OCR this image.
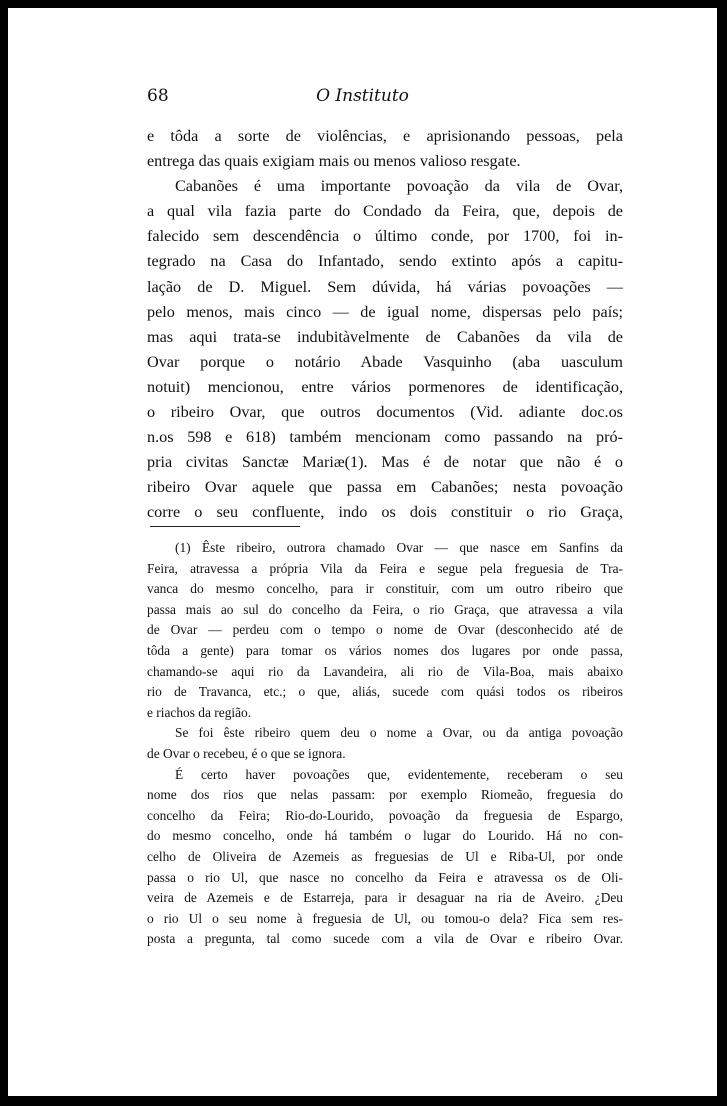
68	O Instituto
e tôda a sorte de violências, e aprisionando pessoas, pela
entrega das quais exigiam mais ou menos valioso resgate.
Cabanões é uma importante povoação da vila de Ovar,
a qual vila fazia parte do Condado da Feira, que, depois de
falecido sem descendência o último conde, por 1700, foi in-
tegrado na Casa do Infantado, sendo extinto após a capitu-
lação de D. Miguel. Sem dúvida, há várias povoações —
pelo menos, mais cinco — de igual nome, dispersas pelo país;
mas aqui trata-se indubitàvelmente de Cabanões da vila de
Ovar porque o notário Abade Vasquinho (aba uasculum
notuit) mencionou, entre vários pormenores de identificação,
o ribeiro Ovar, que outros documentos (Vid. adiante doc.os
n.os 598 e 618) também mencionam como passando na pró-
pria civitas Sanctæ Mariæ(1). Mas é de notar que não é o
ribeiro Ovar aquele que passa em Cabanões; nesta povoação
corre o seu confluente, indo os dois constituir o rio Graça,
(1) Êste ribeiro, outrora chamado Ovar — que nasce em Sanfins da
Feira, atravessa a própria Vila da Feira e segue pela freguesia de Tra-
vanca do mesmo concelho, para ir constituir, com um outro ribeiro que
passa mais ao sul do concelho da Feira, o rio Graça, que atravessa a vila
de Ovar — perdeu com o tempo o nome de Ovar (desconhecido até de
tôda a gente) para tomar os vários nomes dos lugares por onde passa,
chamando-se aqui rio da Lavandeira, ali rio de Vila-Boa, mais abaixo
rio de Travanca, etc.; o que, aliás, sucede com quási todos os ribeiros
e riachos da região.
Se foi êste ribeiro quem deu o nome a Ovar, ou da antiga povoação
de Ovar o recebeu, é o que se ignora.
É certo haver povoações que, evidentemente, receberam o seu
nome dos rios que nelas passam: por exemplo Riomeão, freguesia do
concelho da Feira; Rio-do-Lourido, povoação da freguesia de Espargo,
do mesmo concelho, onde há também o lugar do Lourido. Há no con-
celho de Oliveira de Azemeis as freguesias de Ul e Riba-Ul, por onde
passa o rio Ul, que nasce no concelho da Feira e atravessa os de Oli-
veira de Azemeis e de Estarreja, para ir desaguar na ria de Aveiro. ¿Deu
o rio Ul o seu nome à freguesia de Ul, ou tomou-o dela? Fica sem res-
posta a pregunta, tal como sucede com a vila de Ovar e ribeiro Ovar.
